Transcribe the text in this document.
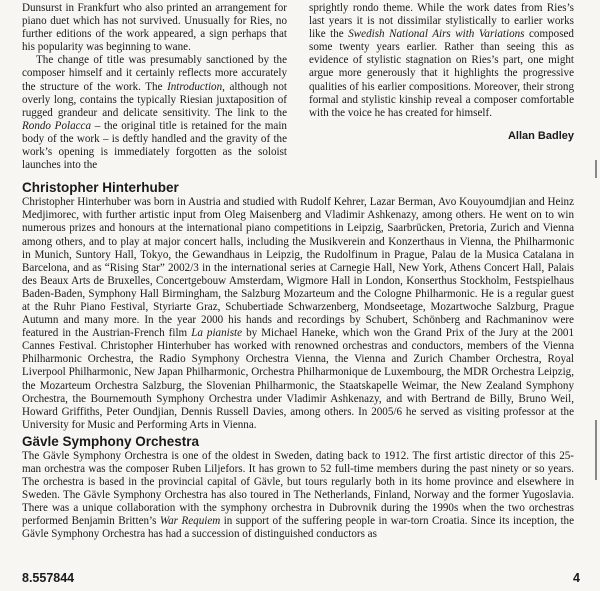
Dunsurst in Frankfurt who also printed an arrangement for piano duet which has not survived. Unusually for Ries, no further editions of the work appeared, a sign perhaps that his popularity was beginning to wane.

The change of title was presumably sanctioned by the composer himself and it certainly reflects more accurately the structure of the work. The Introduction, although not overly long, contains the typically Riesian juxtaposition of rugged grandeur and delicate sensitivity. The link to the Rondo Polacca – the original title is retained for the main body of the work – is deftly handled and the gravity of the work’s opening is immediately forgotten as the soloist launches into the

sprightly rondo theme. While the work dates from Ries’s last years it is not dissimilar stylistically to earlier works like the Swedish National Airs with Variations composed some twenty years earlier. Rather than seeing this as evidence of stylistic stagnation on Ries’s part, one might argue more generously that it highlights the progressive qualities of his earlier compositions. Moreover, their strong formal and stylistic kinship reveal a composer comfortable with the voice he has created for himself.

Allan Badley
Christopher Hinterhuber

Christopher Hinterhuber was born in Austria and studied with Rudolf Kehrer, Lazar Berman, Avo Kouyoumdjian and Heinz Medjimorec, with further artistic input from Oleg Maisenberg and Vladimir Ashkenazy, among others. He went on to win numerous prizes and honours at the international piano competitions in Leipzig, Saarbrücken, Pretoria, Zurich and Vienna among others, and to play at major concert halls, including the Musikverein and Konzerthaus in Vienna, the Philharmonic in Munich, Suntory Hall, Tokyo, the Gewandhaus in Leipzig, the Rudolfinum in Prague, Palau de la Musica Catalana in Barcelona, and as “Rising Star” 2002/3 in the international series at Carnegie Hall, New York, Athens Concert Hall, Palais des Beaux Arts de Bruxelles, Concertgebouw Amsterdam, Wigmore Hall in London, Konserthus Stockholm, Festspielhaus Baden-Baden, Symphony Hall Birmingham, the Salzburg Mozarteum and the Cologne Philharmonic. He is a regular guest at the Ruhr Piano Festival, Styriarte Graz, Schubertiade Schwarzenberg, Mondseetage, Mozartwoche Salzburg, Prague Autumn and many more. In the year 2000 his hands and recordings by Schubert, Schönberg and Rachmaninov were featured in the Austrian-French film La pianiste by Michael Haneke, which won the Grand Prix of the Jury at the 2001 Cannes Festival. Christopher Hinterhuber has worked with renowned orchestras and conductors, members of the Vienna Philharmonic Orchestra, the Radio Symphony Orchestra Vienna, the Vienna and Zurich Chamber Orchestra, Royal Liverpool Philharmonic, New Japan Philharmonic, Orchestra Philharmonique de Luxembourg, the MDR Orchestra Leipzig, the Mozarteum Orchestra Salzburg, the Slovenian Philharmonic, the Staatskapelle Weimar, the New Zealand Symphony Orchestra, the Bournemouth Symphony Orchestra under Vladimir Ashkenazy, and with Bertrand de Billy, Bruno Weil, Howard Griffiths, Peter Oundjian, Dennis Russell Davies, among others. In 2005/6 he served as visiting professor at the University for Music and Performing Arts in Vienna.

Gävle Symphony Orchestra

The Gävle Symphony Orchestra is one of the oldest in Sweden, dating back to 1912. The first artistic director of this 25-man orchestra was the composer Ruben Liljefors. It has grown to 52 full-time members during the past ninety or so years. The orchestra is based in the provincial capital of Gävle, but tours regularly both in its home province and elsewhere in Sweden. The Gävle Symphony Orchestra has also toured in The Netherlands, Finland, Norway and the former Yugoslavia. There was a unique collaboration with the symphony orchestra in Dubrovnik during the 1990s when the two orchestras performed Benjamin Britten’s War Requiem in support of the suffering people in war-torn Croatia. Since its inception, the Gävle Symphony Orchestra has had a succession of distinguished conductors as

8.557844	4
